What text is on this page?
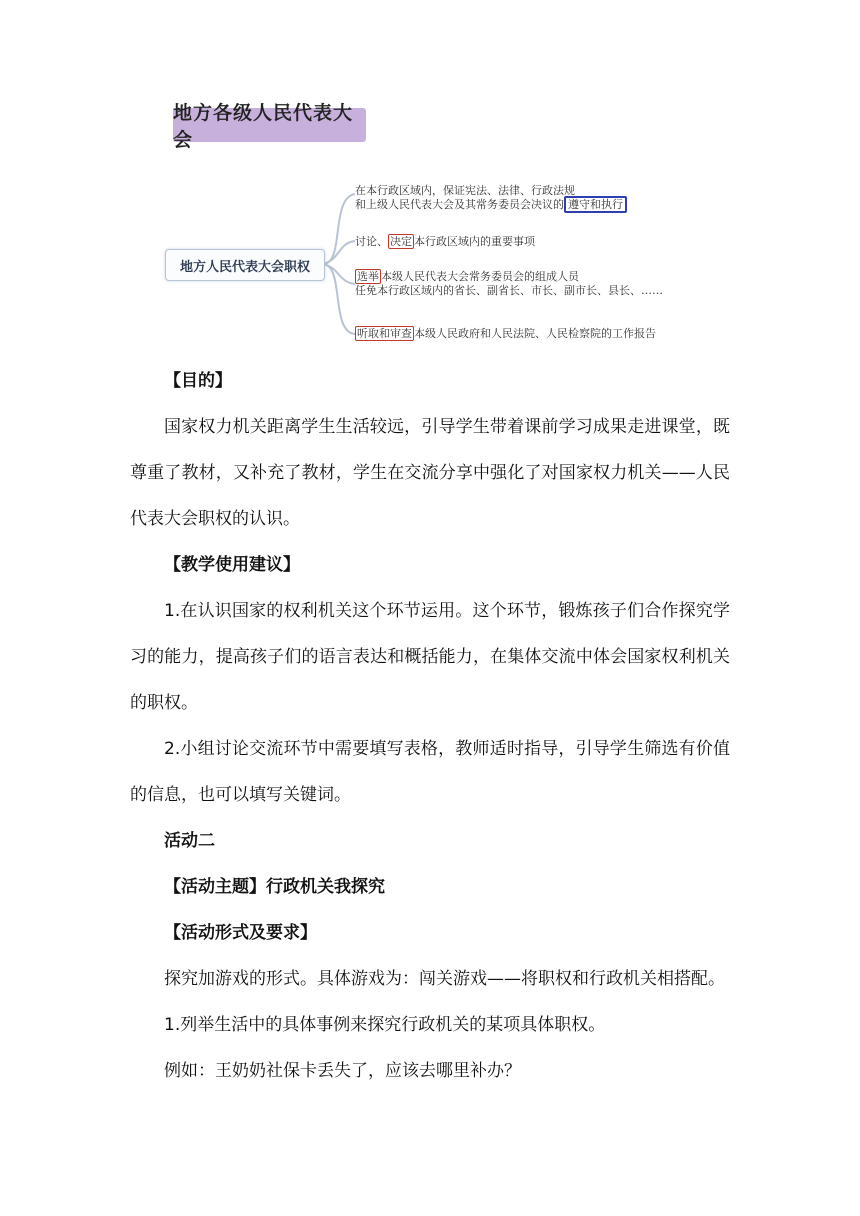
地方各级人民代表大会
地方人民代表大会职权
在本行政区域内，保证宪法、法律、行政法规
和上级人民代表大会及其常务委员会决议的 遵守和执行
讨论、 决定 本行政区域内的重要事项
选举 本级人民代表大会常务委员会的组成人员
任免本行政区域内的省长、副省长、市长、副市长、县长、……
听取和审查 本级人民政府和人民法院、人民检察院的工作报告

【目的】

国家权力机关距离学生生活较远，引导学生带着课前学习成果走进课堂，既尊重了教材，又补充了教材，学生在交流分享中强化了对国家权力机关——人民代表大会职权的认识。

【教学使用建议】

1.在认识国家的权利机关这个环节运用。这个环节，锻炼孩子们合作探究学习的能力，提高孩子们的语言表达和概括能力，在集体交流中体会国家权利机关的职权。

2.小组讨论交流环节中需要填写表格，教师适时指导，引导学生筛选有价值的信息，也可以填写关键词。

活动二

【活动主题】行政机关我探究

【活动形式及要求】

探究加游戏的形式。具体游戏为：闯关游戏——将职权和行政机关相搭配。

1.列举生活中的具体事例来探究行政机关的某项具体职权。

例如：王奶奶社保卡丢失了，应该去哪里补办？
